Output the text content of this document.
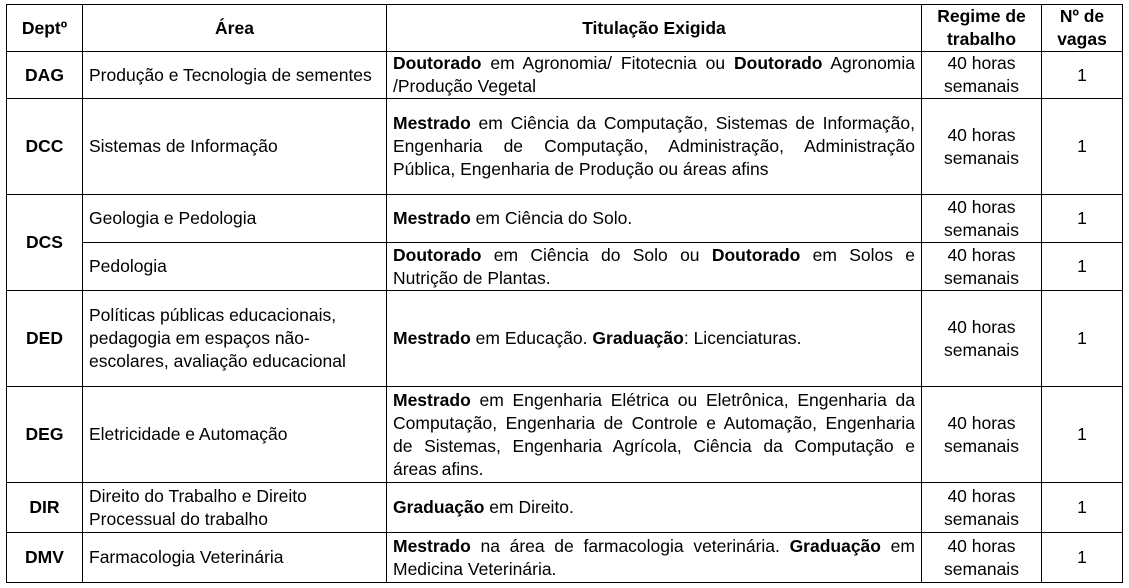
Deptº	Área	Titulação Exigida	Regime de trabalho	Nº de vagas
DAG	Produção e Tecnologia de sementes	Doutorado em Agronomia/ Fitotecnia ou Doutorado Agronomia /Produção Vegetal	40 horas semanais	1
DCC	Sistemas de Informação	Mestrado em Ciência da Computação, Sistemas de Informação, Engenharia de Computação, Administração, Administração Pública, Engenharia de Produção ou áreas afins	40 horas semanais	1
DCS	Geologia e Pedologia	Mestrado em Ciência do Solo.	40 horas semanais	1
	Pedologia	Doutorado em Ciência do Solo ou Doutorado em Solos e Nutrição de Plantas.	40 horas semanais	1
DED	Políticas públicas educacionais, pedagogia em espaços não-escolares, avaliação educacional	Mestrado em Educação. Graduação: Licenciaturas.	40 horas semanais	1
DEG	Eletricidade e Automação	Mestrado em Engenharia Elétrica ou Eletrônica, Engenharia da Computação, Engenharia de Controle e Automação, Engenharia de Sistemas, Engenharia Agrícola, Ciência da Computação e áreas afins.	40 horas semanais	1
DIR	Direito do Trabalho e Direito Processual do trabalho	Graduação em Direito.	40 horas semanais	1
DMV	Farmacologia Veterinária	Mestrado na área de farmacologia veterinária. Graduação em Medicina Veterinária.	40 horas semanais	1
